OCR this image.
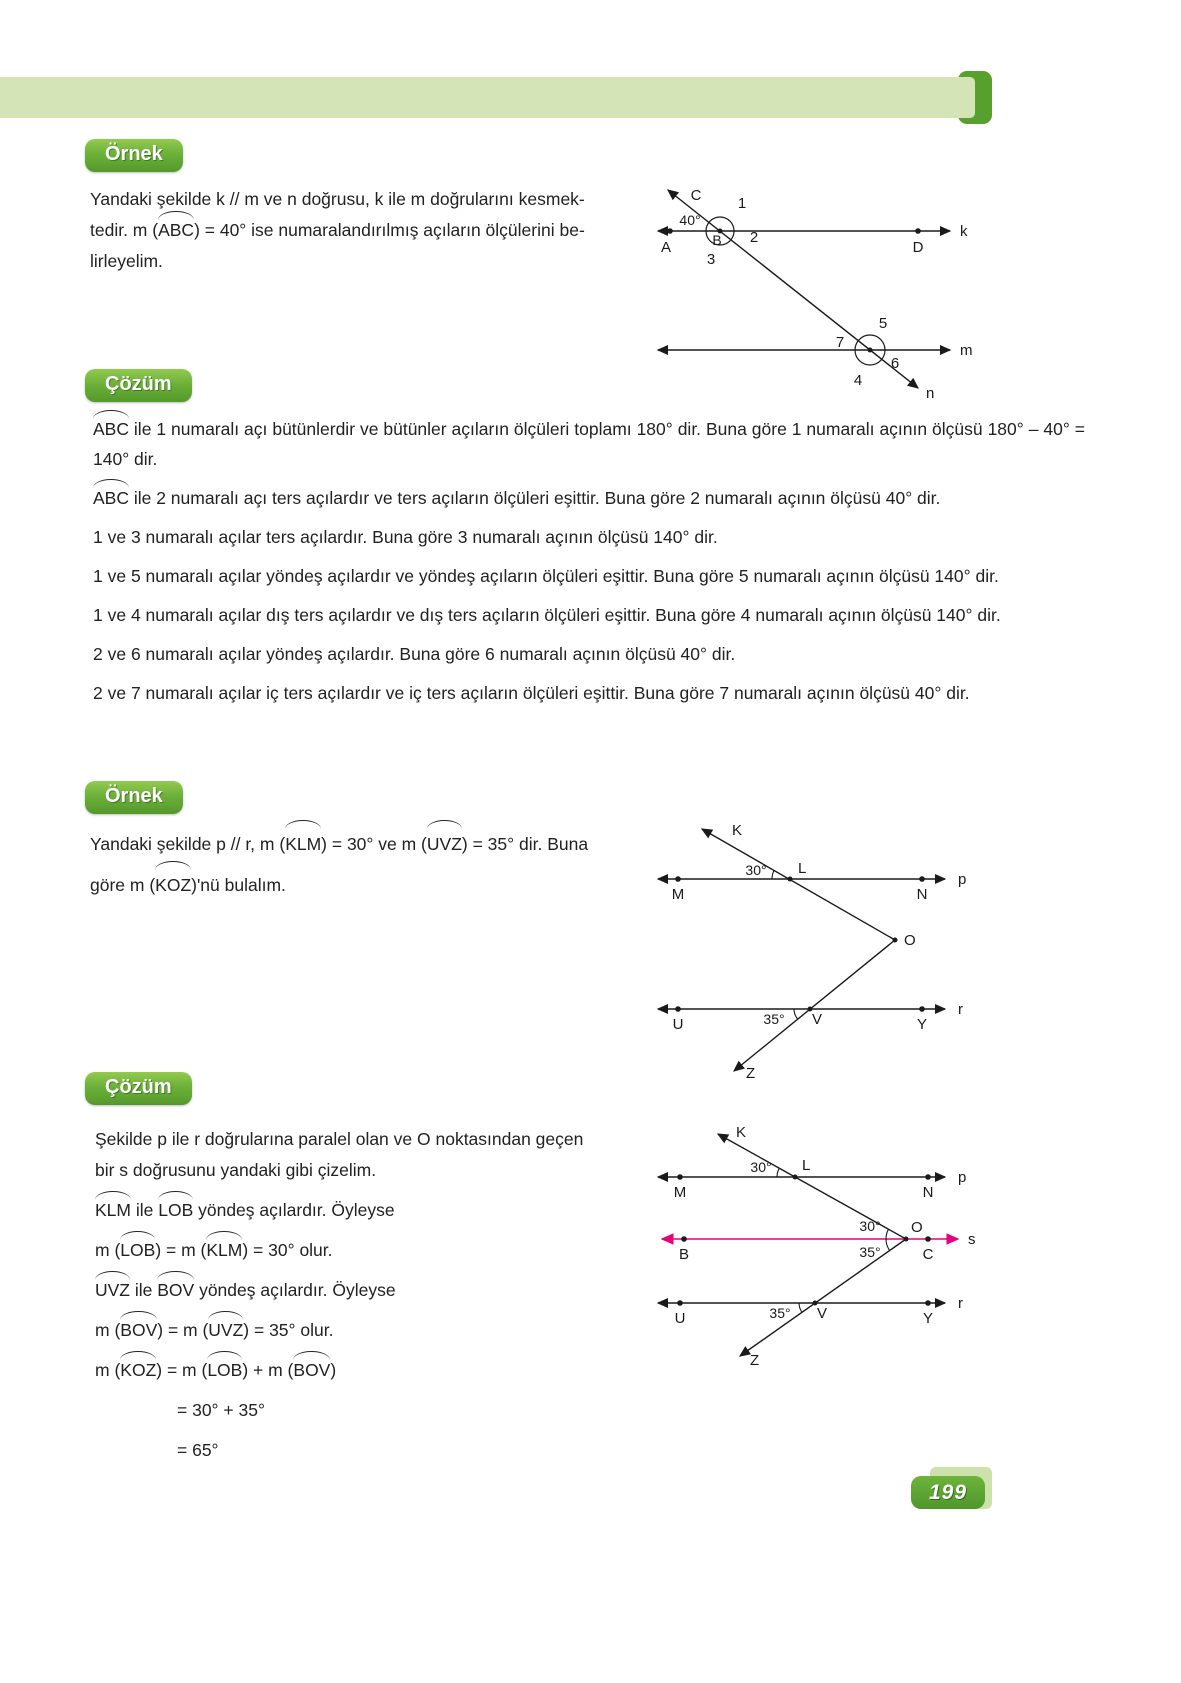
Örnek
Yandaki şekilde k // m ve n doğrusu, k ile m doğrularını kesmek-
tedir. m (ABC) = 40° ise numaralandırılmış açıların ölçülerini be-
lirleyelim.
C
A	B	D
k
m
n
40°
1
2
3
5
7
6
4
Çözüm
ABC ile 1 numaralı açı bütünlerdir ve bütünler açıların ölçüleri toplamı 180° dir. Buna göre 1 numaralı açının ölçüsü 180° – 40° = 140° dir.
ABC ile 2 numaralı açı ters açılardır ve ters açıların ölçüleri eşittir. Buna göre 2 numaralı açının ölçüsü 40° dir.
1 ve 3 numaralı açılar ters açılardır. Buna göre 3 numaralı açının ölçüsü 140° dir.
1 ve 5 numaralı açılar yöndeş açılardır ve yöndeş açıların ölçüleri eşittir. Buna göre 5 numaralı açının ölçüsü 140° dir.
1 ve 4 numaralı açılar dış ters açılardır ve dış ters açıların ölçüleri eşittir. Buna göre 4 numaralı açının ölçüsü 140° dir.
2 ve 6 numaralı açılar yöndeş açılardır. Buna göre 6 numaralı açının ölçüsü 40° dir.
2 ve 7 numaralı açılar iç ters açılardır ve iç ters açıların ölçüleri eşittir. Buna göre 7 numaralı açının ölçüsü 40° dir.
Örnek
Yandaki şekilde p // r, m (KLM) = 30° ve m (UVZ) = 35° dir. Buna
göre m (KOZ)'nü bulalım.
K
M	N
p
L
30°
O
U	Y
r
V
35°
Z
Çözüm
Şekilde p ile r doğrularına paralel olan ve O noktasından geçen
bir s doğrusunu yandaki gibi çizelim.
KLM ile LOB yöndeş açılardır. Öyleyse
m (LOB) = m (KLM) = 30° olur.
UVZ ile BOV yöndeş açılardır. Öyleyse
m (BOV) = m (UVZ) = 35° olur.
m (KOZ) = m (LOB) + m (BOV)
= 30° + 35°
= 65°
K
M	N
p
L
30°
O
30°
35°
B	C
s
U	Y
r
V
35°
Z
199
